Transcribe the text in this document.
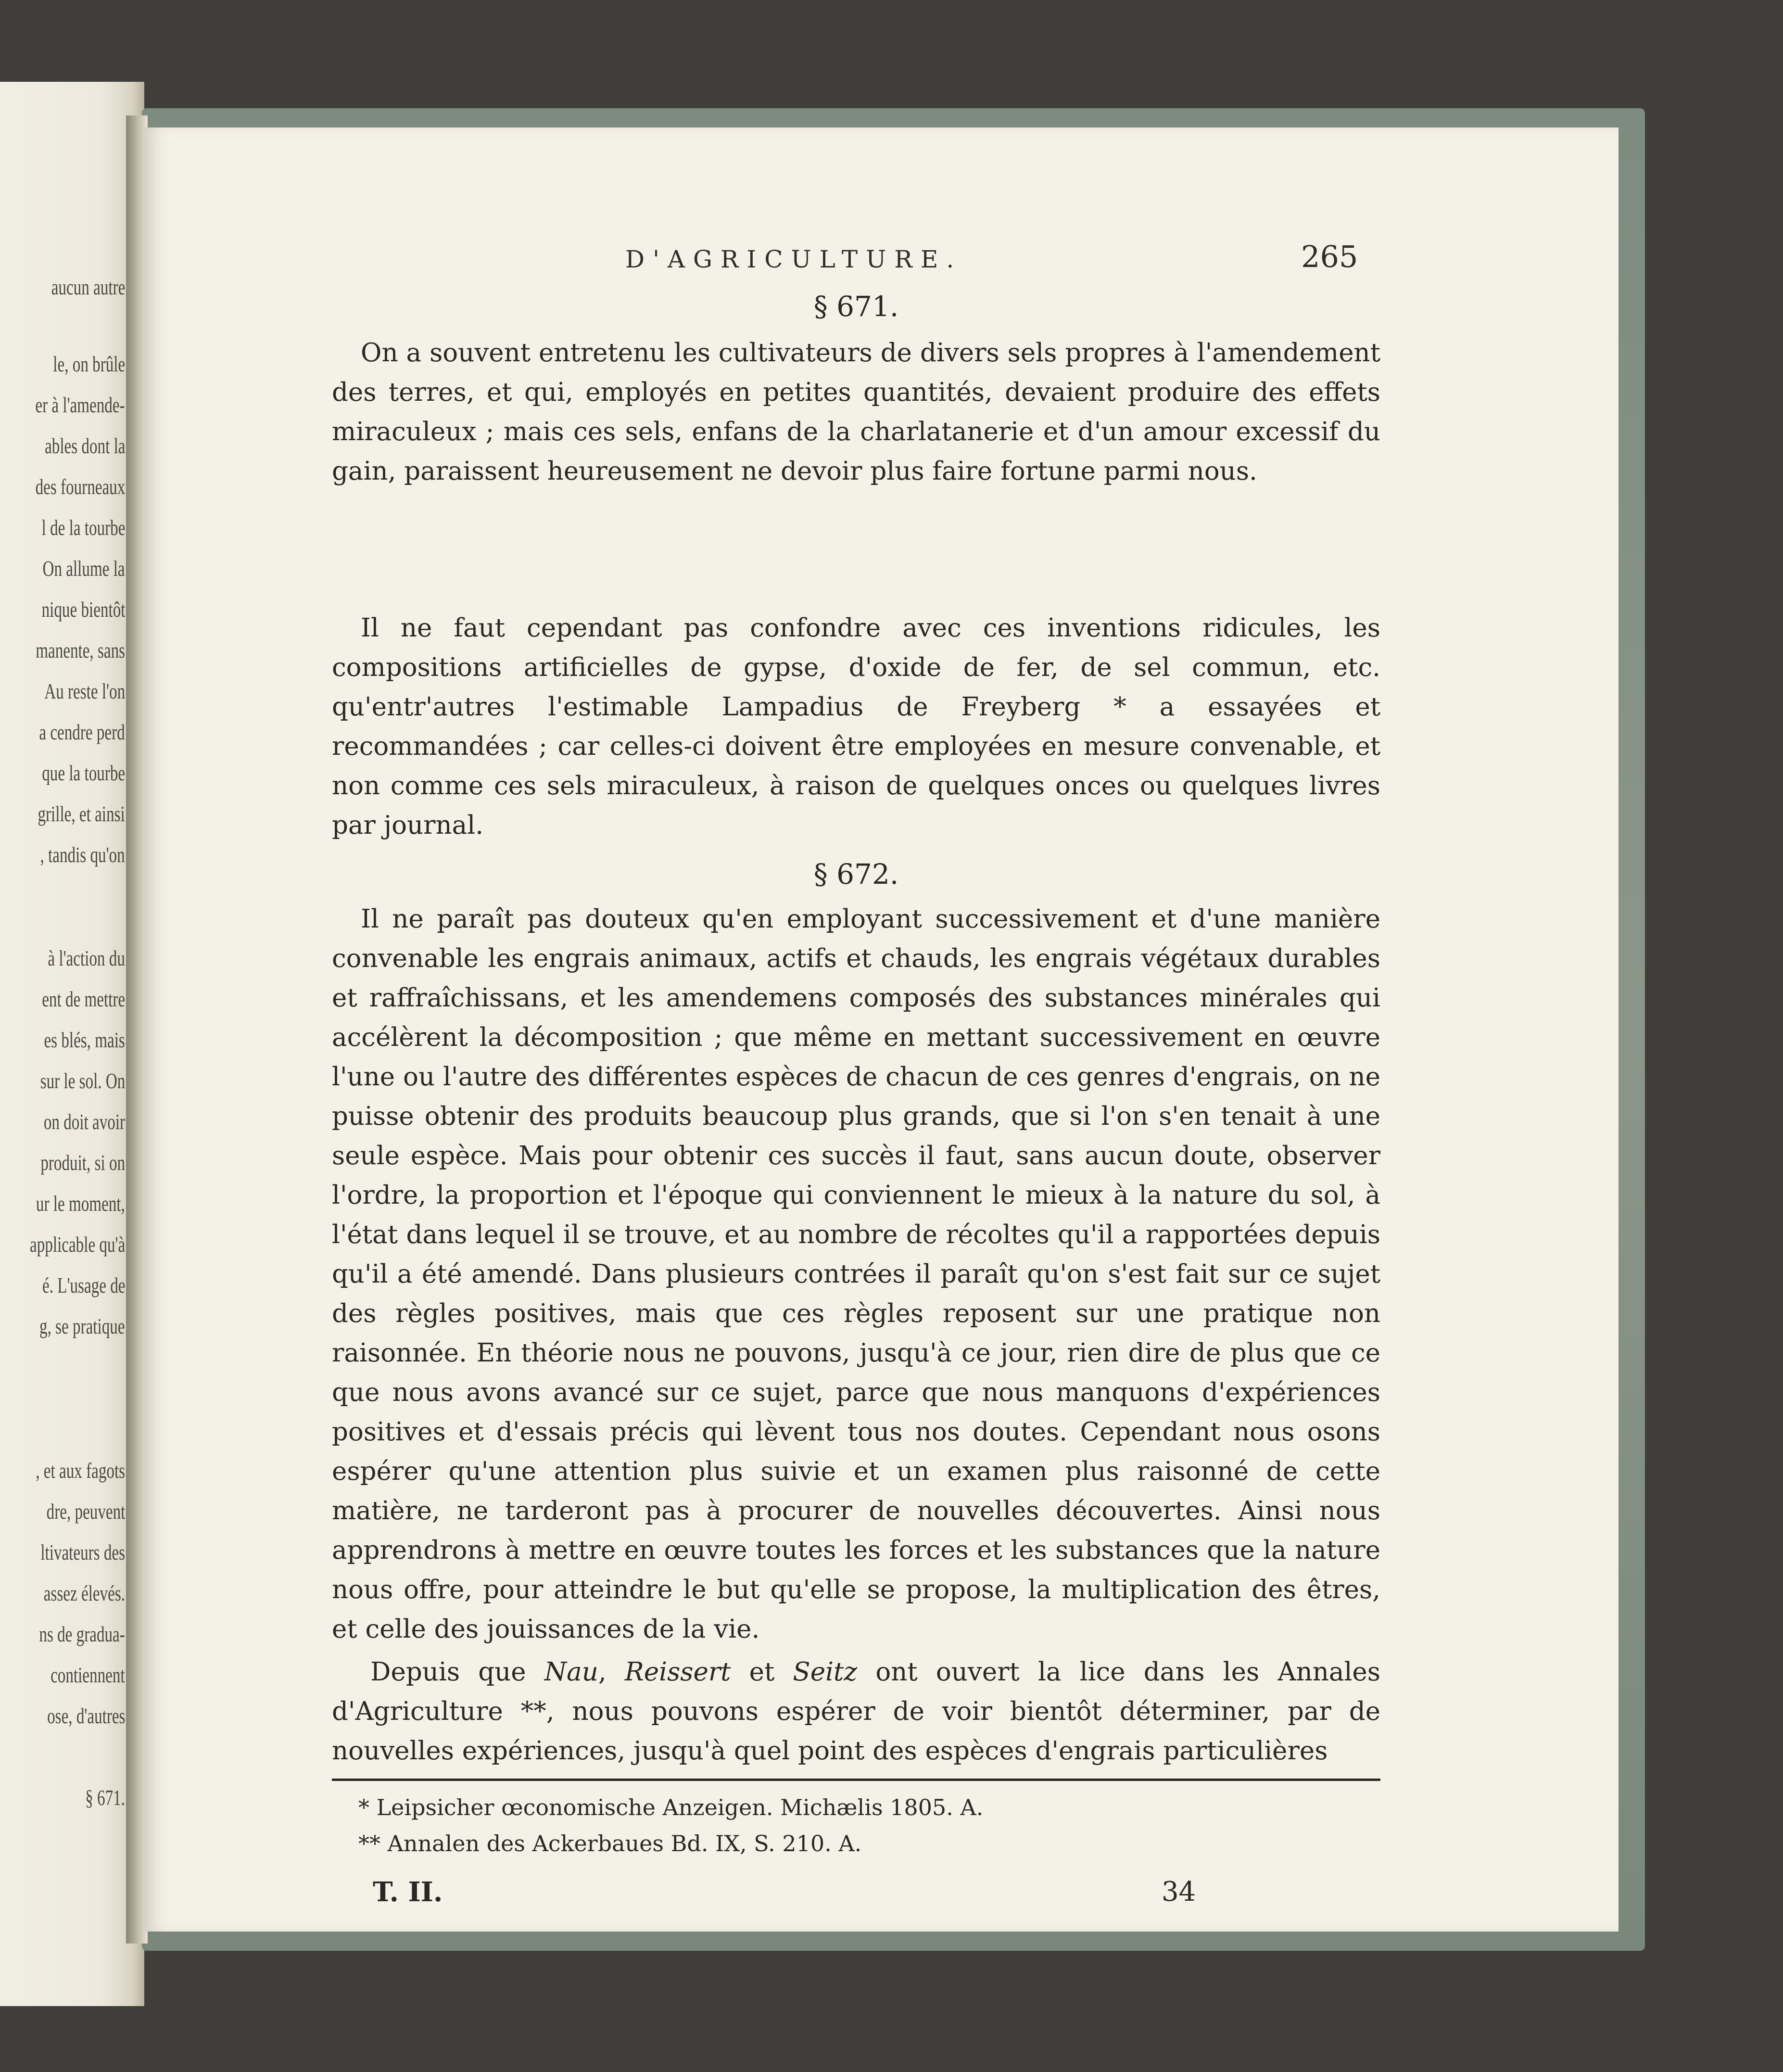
aucun autre
le, on brûle
er à l'amende-
ables dont la
des fourneaux
l de la tourbe
On allume la
nique bientôt
manente, sans
Au reste l'on
a cendre perd
que la tourbe
grille, et ainsi
, tandis qu'on
à l'action du
ent de mettre
es blés, mais
sur le sol. On
on doit avoir
produit, si on
ur le moment,
applicable qu'à
é. L'usage de
g, se pratique
, et aux fagots
dre, peuvent
ltivateurs des
assez élevés.
ns de gradua-
contiennent
ose, d'autres
§ 671.
D'AGRICULTURE.	265
§ 671.

On a souvent entretenu les cultivateurs de divers sels propres à l'amendement des terres, et qui, employés en petites quantités, devaient produire des effets miraculeux ; mais ces sels, enfans de la charlatanerie et d'un amour excessif du gain, paraissent heureusement ne devoir plus faire fortune parmi nous.

Il ne faut cependant pas confondre avec ces inventions ridicules, les compositions artificielles de gypse, d'oxide de fer, de sel commun, etc. qu'entr'autres l'estimable Lampadius de Freyberg * a essayées et recommandées ; car celles-ci doivent être employées en mesure convenable, et non comme ces sels miraculeux, à raison de quelques onces ou quelques livres par journal.

§ 672.

Il ne paraît pas douteux qu'en employant successivement et d'une manière convenable les engrais animaux, actifs et chauds, les engrais végétaux durables et raffraîchissans, et les amendemens composés des substances minérales qui accélèrent la décomposition ; que même en mettant successivement en œuvre l'une ou l'autre des différentes espèces de chacun de ces genres d'engrais, on ne puisse obtenir des produits beaucoup plus grands, que si l'on s'en tenait à une seule espèce. Mais pour obtenir ces succès il faut, sans aucun doute, observer l'ordre, la proportion et l'époque qui conviennent le mieux à la nature du sol, à l'état dans lequel il se trouve, et au nombre de récoltes qu'il a rapportées depuis qu'il a été amendé. Dans plusieurs contrées il paraît qu'on s'est fait sur ce sujet des règles positives, mais que ces règles reposent sur une pratique non raisonnée. En théorie nous ne pouvons, jusqu'à ce jour, rien dire de plus que ce que nous avons avancé sur ce sujet, parce que nous manquons d'expériences positives et d'essais précis qui lèvent tous nos doutes. Cependant nous osons espérer qu'une attention plus suivie et un examen plus raisonné de cette matière, ne tarderont pas à procurer de nouvelles découvertes. Ainsi nous apprendrons à mettre en œuvre toutes les forces et les substances que la nature nous offre, pour atteindre le but qu'elle se propose, la multiplication des êtres, et celle des jouissances de la vie.

Depuis que Nau, Reissert et Seitz ont ouvert la lice dans les Annales d'Agriculture **, nous pouvons espérer de voir bientôt déterminer, par de nouvelles expériences, jusqu'à quel point des espèces d'engrais particulières

* Leipsicher œconomische Anzeigen. Michælis 1805. A.
** Annalen des Ackerbaues Bd. IX, S. 210. A.
T. II.	34
